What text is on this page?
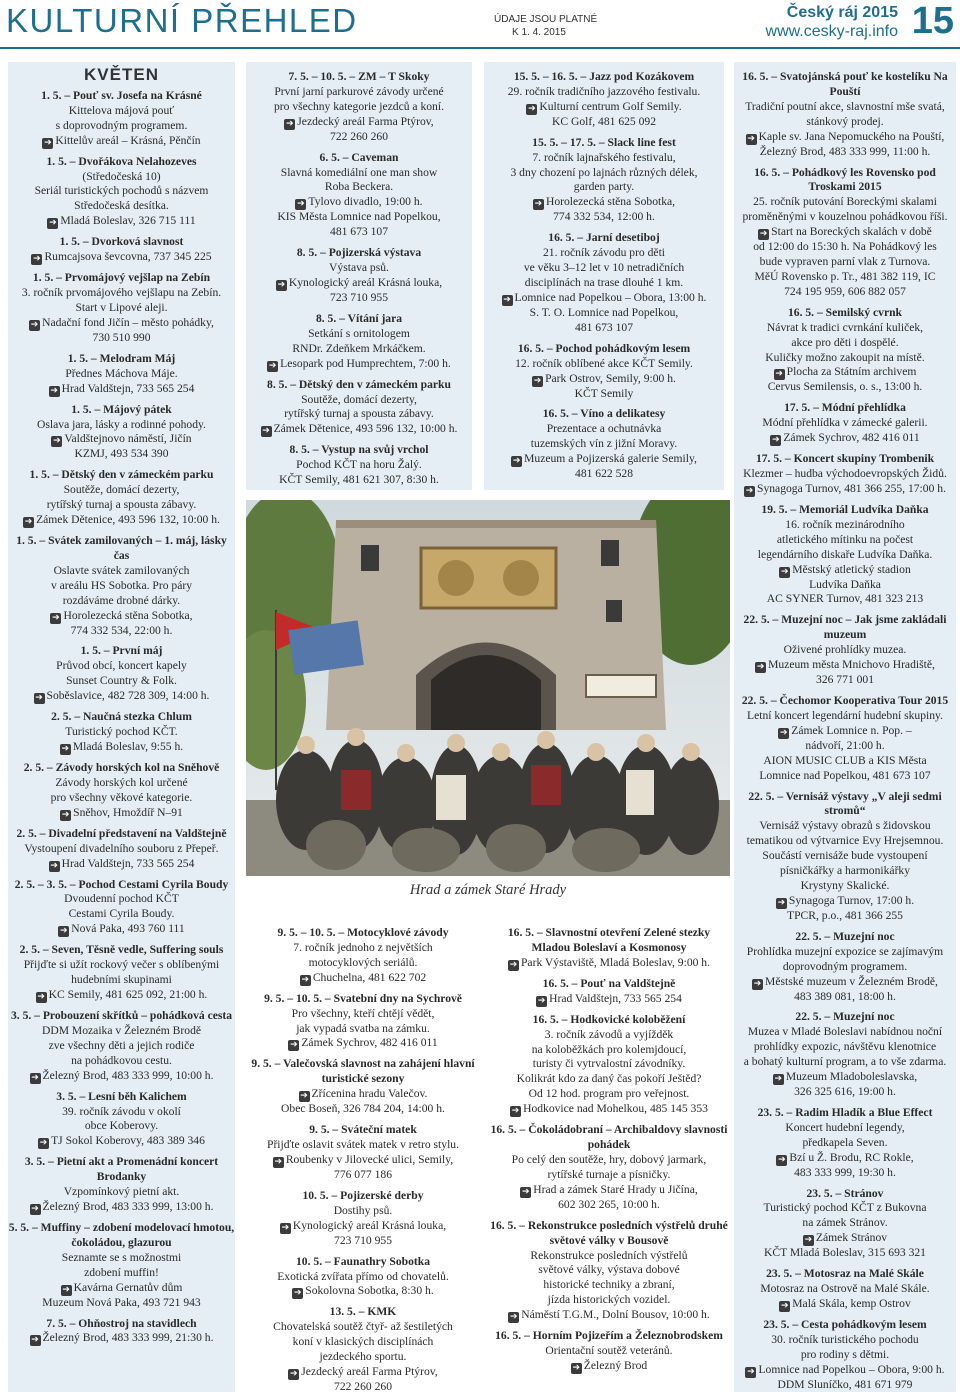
KULTURNÍ PŘEHLED	ÚDAJE JSOU PLATNÉ
K 1. 4. 2015
Český ráj 2015
www.cesky-raj.info 15
KVĚTEN
1. 5. – Pouť sv. Josefa na Krásné
Kittelova májová pouť
s doprovodným programem.
➔ Kittelův areál – Krásná, Pěnčín
1. 5. – Dvořákova Nelahozeves
(Středočeská 10)
Seriál turistických pochodů s názvem
Středočeská desítka.
➔ Mladá Boleslav, 326 715 111
1. 5. – Dvorková slavnost
➔ Rumcajsova ševcovna, 737 345 225
1. 5. – Prvomájový vejšlap na Zebín
3. ročník prvomájového vejšlapu na Zebín.
Start v Lipové aleji.
➔ Nadační fond Jičín – město pohádky,
730 510 990
1. 5. – Melodram Máj
Přednes Máchova Máje.
➔ Hrad Valdštejn, 733 565 254
1. 5. – Májový pátek
Oslava jara, lásky a rodinné pohody.
➔ Valdštejnovo náměstí, Jičín
KZMJ, 493 534 390
1. 5. – Dětský den v zámeckém parku
Soutěže, domácí dezerty,
rytířský turnaj a spousta zábavy.
➔ Zámek Dětenice, 493 596 132, 10:00 h.
1. 5. – Svátek zamilovaných – 1. máj, lásky čas
Oslavte svátek zamilovaných
v areálu HS Sobotka. Pro páry
rozdáváme drobné dárky.
➔ Horolezecká stěna Sobotka,
774 332 534, 22:00 h.
1. 5. – První máj
Průvod obcí, koncert kapely
Sunset Country & Folk.
➔ Soběslavice, 482 728 309, 14:00 h.
2. 5. – Naučná stezka Chlum
Turistický pochod KČT.
➔ Mladá Boleslav, 9:55 h.
2. 5. – Závody horských kol na Sněhově
Závody horských kol určené
pro všechny věkové kategorie.
➔ Sněhov, Hmoždíř N–91
2. 5. – Divadelní představení na Valdštejně
Vystoupení divadelního souboru z Přepeř.
➔ Hrad Valdštejn, 733 565 254
2. 5. – 3. 5. – Pochod Cestami Cyrila Boudy
Dvoudenní pochod KČT
Cestami Cyrila Boudy.
➔ Nová Paka, 493 760 111
2. 5. – Seven, Těsně vedle, Suffering souls
Přijďte si užít rockový večer s oblíbenými
hudebními skupinami
➔ KC Semily, 481 625 092, 21:00 h.
3. 5. – Probouzení skřítků – pohádková cesta
DDM Mozaika v Železném Brodě
zve všechny děti a jejich rodiče
na pohádkovou cestu.
➔ Železný Brod, 483 333 999, 10:00 h.
3. 5. – Lesní běh Kalichem
39. ročník závodu v okolí
obce Koberovy.
➔ TJ Sokol Koberovy, 483 389 346
3. 5. – Pietní akt a Promenádní koncert Brodanky
Vzpomínkový pietní akt.
➔ Železný Brod, 483 333 999, 13:00 h.
5. 5. – Muffiny – zdobení modelovací hmotou, čokoládou, glazurou
Seznamte se s možnostmi
zdobení muffin!
➔ Kavárna Gernatův dům
Muzeum Nová Paka, 493 721 943
7. 5. – Ohňostroj na stavidlech
➔ Železný Brod, 483 333 999, 21:30 h.
7. 5. – 10. 5. – ZM – T Skoky
První jarní parkurové závody určené
pro všechny kategorie jezdců a koní.
➔ Jezdecký areál Farma Ptýrov,
722 260 260
6. 5. – Caveman
Slavná komediální one man show
Roba Beckera.
➔ Tylovo divadlo, 19:00 h.
KIS Města Lomnice nad Popelkou,
481 673 107
8. 5. – Pojizerská výstava
Výstava psů.
➔ Kynologický areál Krásná louka,
723 710 955
8. 5. – Vítání jara
Setkání s ornitologem
RNDr. Zdeňkem Mrkáčkem.
➔ Lesopark pod Humprechtem, 7:00 h.
8. 5. – Dětský den v zámeckém parku
Soutěže, domácí dezerty,
rytířský turnaj a spousta zábavy.
➔ Zámek Dětenice, 493 596 132, 10:00 h.
8. 5. – Vystup na svůj vrchol
Pochod KČT na horu Žalý.
KČT Semily, 481 621 307, 8:30 h.
15. 5. – 16. 5. – Jazz pod Kozákovem
29. ročník tradičního jazzového festivalu.
➔ Kulturní centrum Golf Semily.
KC Golf, 481 625 092
15. 5. – 17. 5. – Slack line fest
7. ročník lajnařského festivalu,
3 dny chození po lajnách různých délek,
garden party.
➔ Horolezecká stěna Sobotka,
774 332 534, 12:00 h.
16. 5. – Jarní desetiboj
21. ročník závodu pro děti
ve věku 3–12 let v 10 netradičních
disciplínách na trase dlouhé 1 km.
➔ Lomnice nad Popelkou – Obora, 13:00 h.
S. T. O. Lomnice nad Popelkou,
481 673 107
16. 5. – Pochod pohádkovým lesem
12. ročník oblíbené akce KČT Semily.
➔ Park Ostrov, Semily, 9:00 h.
KČT Semily
16. 5. – Víno a delikatesy
Prezentace a ochutnávka
tuzemských vín z jižní Moravy.
➔ Muzeum a Pojizerská galerie Semily,
481 622 528
16. 5. – Svatojánská pouť ke kostelíku Na Pouští
Tradiční poutní akce, slavnostní mše svatá,
stánkový prodej.
➔ Kaple sv. Jana Nepomuckého na Pouští,
Železný Brod, 483 333 999, 11:00 h.
16. 5. – Pohádkový les Rovensko pod Troskami 2015
25. ročník putování Boreckými skalami
proměněnými v kouzelnou pohádkovou říši.
➔ Start na Boreckých skalách v době
od 12:00 do 15:30 h. Na Pohádkový les
bude vypraven parní vlak z Turnova.
MěÚ Rovensko p. Tr., 481 382 119, IC
724 195 959, 606 882 057
16. 5. – Semilský cvrnk
Návrat k tradici cvrnkání kuliček,
akce pro děti i dospělé.
Kuličky možno zakoupit na místě.
➔ Plocha za Státním archivem
Cervus Semilensis, o. s., 13:00 h.
17. 5. – Módní přehlídka
Módní přehlídka v zámecké galerii.
➔ Zámek Sychrov, 482 416 011
17. 5. – Koncert skupiny Trombenik
Klezmer – hudba východoevropských Židů.
➔ Synagoga Turnov, 481 366 255, 17:00 h.
19. 5. – Memoriál Ludvíka Daňka
16. ročník mezinárodního
atletického mítinku na počest
legendárního diskaře Ludvíka Daňka.
➔ Městský atletický stadion
Ludvíka Daňka
AC SYNER Turnov, 481 323 213
22. 5. – Muzejní noc – Jak jsme zakládali muzeum
Oživené prohlídky muzea.
➔ Muzeum města Mnichovo Hradiště,
326 771 001
22. 5. – Čechomor Kooperativa Tour 2015
Letní koncert legendární hudební skupiny.
➔ Zámek Lomnice n. Pop. –
nádvoří, 21:00 h.
AION MUSIC CLUB a KIS Města
Lomnice nad Popelkou, 481 673 107
22. 5. – Vernisáž výstavy „V aleji sedmi stromů“
Vernisáž výstavy obrazů s židovskou
tematikou od výtvarnice Evy Hrejsemnou.
Součástí vernisáže bude vystoupení
písničkářky a harmonikářky
Krystyny Skalické.
➔ Synagoga Turnov, 17:00 h.
TPCR, p.o., 481 366 255
22. 5. – Muzejní noc
Prohlídka muzejní expozice se zajímavým
doprovodným programem.
➔ Městské muzeum v Železném Brodě,
483 389 081, 18:00 h.
22. 5. – Muzejní noc
Muzea v Mladé Boleslavi nabídnou noční
prohlídky expozic, návštěvu klenotnice
a bohatý kulturní program, a to vše zdarma.
➔ Muzeum Mladoboleslavska,
326 325 616, 19:00 h.
23. 5. – Radim Hladík a Blue Effect
Koncert hudební legendy,
předkapela Seven.
➔ Bzí u Ž. Brodu, RC Rokle,
483 333 999, 19:30 h.
23. 5. – Stránov
Turistický pochod KČT z Bukovna
na zámek Stránov.
➔ Zámek Stránov
KČT Mladá Boleslav, 315 693 321
23. 5. – Motosraz na Malé Skále
Motosraz na Ostrově na Malé Skále.
➔ Malá Skála, kemp Ostrov
23. 5. – Cesta pohádkovým lesem
30. ročník turistického pochodu
pro rodiny s dětmi.
➔ Lomnice nad Popelkou – Obora, 9:00 h.
DDM Sluníčko, 481 671 979
9. 5. – 10. 5. – Motocyklové závody
7. ročník jednoho z největších
motocyklových seriálů.
➔ Chuchelna, 481 622 702
9. 5. – 10. 5. – Svatební dny na Sychrově
Pro všechny, kteří chtějí vědět,
jak vypadá svatba na zámku.
➔ Zámek Sychrov, 482 416 011
9. 5. – Valečovská slavnost na zahájení hlavní turistické sezony
➔ Zřícenina hradu Valečov.
Obec Boseň, 326 784 204, 14:00 h.
9. 5. – Sváteční matek
Přijďte oslavit svátek matek v retro stylu.
➔ Roubenky v Jilovecké ulici, Semily,
776 077 186
10. 5. – Pojizerské derby
Dostihy psů.
➔ Kynologický areál Krásná louka,
723 710 955
10. 5. – Faunathry Sobotka
Exotická zvířata přímo od chovatelů.
➔ Sokolovna Sobotka, 8:30 h.
13. 5. – KMK
Chovatelská soutěž čtyř- až šestiletých
koní v klasických disciplínách
jezdeckého sportu.
➔ Jezdecký areál Farma Ptýrov,
722 260 260
16. 5. – Slavnostní otevření Zelené stezky Mladou Boleslaví a Kosmonosy
➔ Park Výstaviště, Mladá Boleslav, 9:00 h.
16. 5. – Pouť na Valdštejně
➔ Hrad Valdštejn, 733 565 254
16. 5. – Hodkovické koloběžení
3. ročník závodů a vyjížděk
na koloběžkách pro kolemjdoucí,
turisty či vytrvalostní závodníky.
Kolikrát kdo za daný čas pokoří Ještěd?
Od 12 hod. program pro veřejnost.
➔ Hodkovice nad Mohelkou, 485 145 353
16. 5. – Čokoládobraní – Archibaldovy slavnosti pohádek
Po celý den soutěže, hry, dobový jarmark,
rytířské turnaje a písničky.
➔ Hrad a zámek Staré Hrady u Jičína,
602 302 265, 10:00 h.
16. 5. – Rekonstrukce posledních výstřelů druhé světové války v Bousově
Rekonstrukce posledních výstřelů
světové války, výstava dobové
historické techniky a zbraní,
jízda historických vozidel.
➔ Náměstí T.G.M., Dolní Bousov, 10:00 h.
16. 5. – Horním Pojizeřím a Železnobrodskem
Orientační soutěž veteránů.
➔ Železný Brod
Hrad a zámek Staré Hrady
